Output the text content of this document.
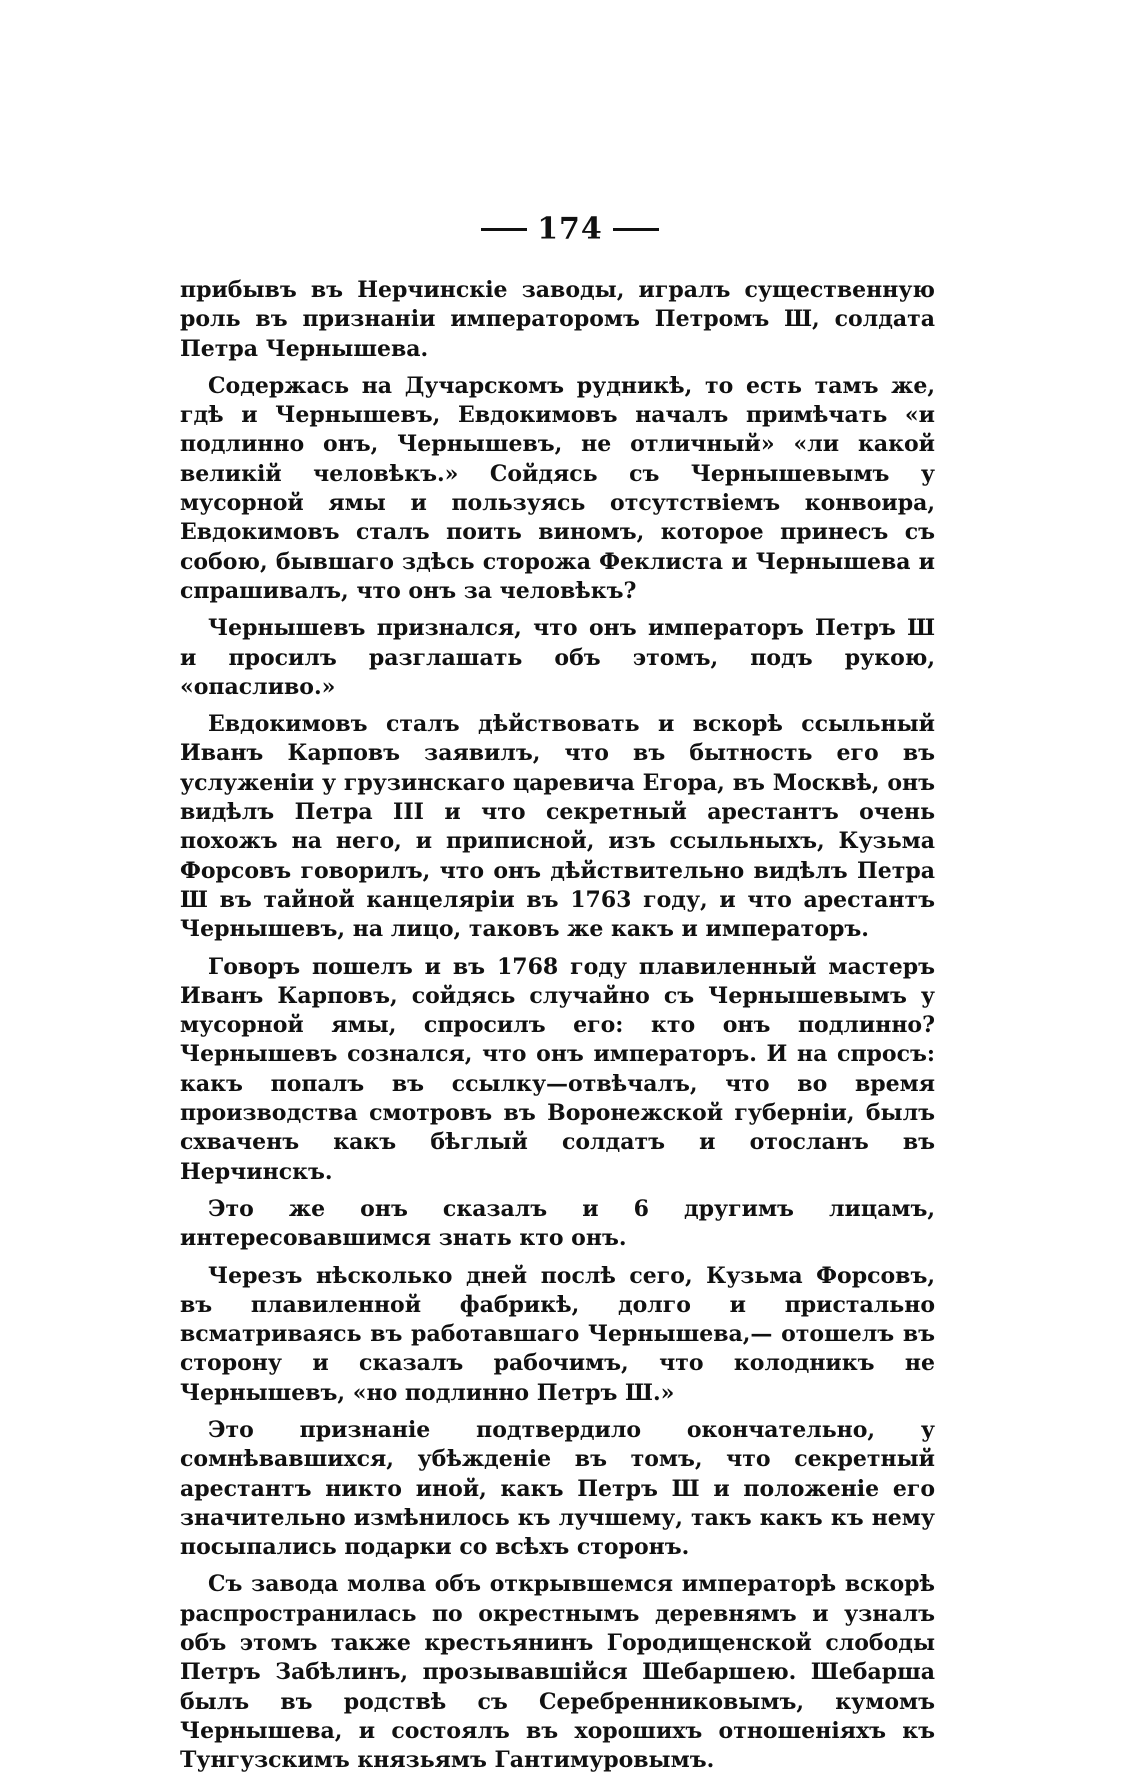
174

прибывъ въ Нерчинскіе заводы, игралъ существенную роль въ признаніи императоромъ Петромъ Ш, солдата Петра Чернышева.

Содержась на Дучарскомъ рудникѣ, то есть тамъ же, гдѣ и Чернышевъ, Евдокимовъ началъ примѣчать «и подлинно онъ, Чернышевъ, не отличный» «ли какой великій человѣкъ.» Сойдясь съ Чернышевымъ у мусорной ямы и пользуясь отсутствіемъ конвоира, Евдокимовъ сталъ поить виномъ, которое принесъ съ собою, бывшаго здѣсь сторожа Феклиста и Чернышева и спрашивалъ, что онъ за человѣкъ?

Чернышевъ признался, что онъ императоръ Петръ Ш и просилъ разглашать объ этомъ, подъ рукою, «опасливо.»

Евдокимовъ сталъ дѣйствовать и вскорѣ ссыльный Иванъ Карповъ заявилъ, что въ бытность его въ услуженіи у грузинскаго царевича Егора, въ Москвѣ, онъ видѣлъ Петра III и что секретный арестантъ очень похожъ на него, и приписной, изъ ссыльныхъ, Кузьма Форсовъ говорилъ, что онъ дѣйствительно видѣлъ Петра Ш въ тайной канцеляріи въ 1763 году, и что арестантъ Чернышевъ, на лицо, таковъ же какъ и императоръ.

Говоръ пошелъ и въ 1768 году плавиленный мастеръ Иванъ Карповъ, сойдясь случайно съ Чернышевымъ у мусорной ямы, спросилъ его: кто онъ подлинно? Чернышевъ сознался, что онъ императоръ. И на спросъ: какъ попалъ въ ссылку—отвѣчалъ, что во время производства смотровъ въ Воронежской губерніи, былъ схваченъ какъ бѣглый солдатъ и отосланъ въ Нерчинскъ.

Это же онъ сказалъ и 6 другимъ лицамъ, интересовавшимся знать кто онъ.

Черезъ нѣсколько дней послѣ сего, Кузьма Форсовъ, въ плавиленной фабрикѣ, долго и пристально всматриваясь въ работавшаго Чернышева,— отошелъ въ сторону и сказалъ рабочимъ, что колодникъ не Чернышевъ, «но подлинно Петръ Ш.»

Это признаніе подтвердило окончательно, у сомнѣвавшихся, убѣжденіе въ томъ, что секретный арестантъ никто иной, какъ Петръ Ш и положеніе его значительно измѣнилось къ лучшему, такъ какъ къ нему посыпались подарки со всѣхъ сторонъ.

Съ завода молва объ открывшемся императорѣ вскорѣ распространилась по окрестнымъ деревнямъ и узналъ объ этомъ также крестьянинъ Городищенской слободы Петръ Забѣлинъ, прозывавшійся Шебаршею. Шебарша былъ въ родствѣ съ Серебренниковымъ, кумомъ Чернышева, и состоялъ въ хорошихъ отношеніяхъ къ Тунгузскимъ князьямъ Гантимуровымъ.
